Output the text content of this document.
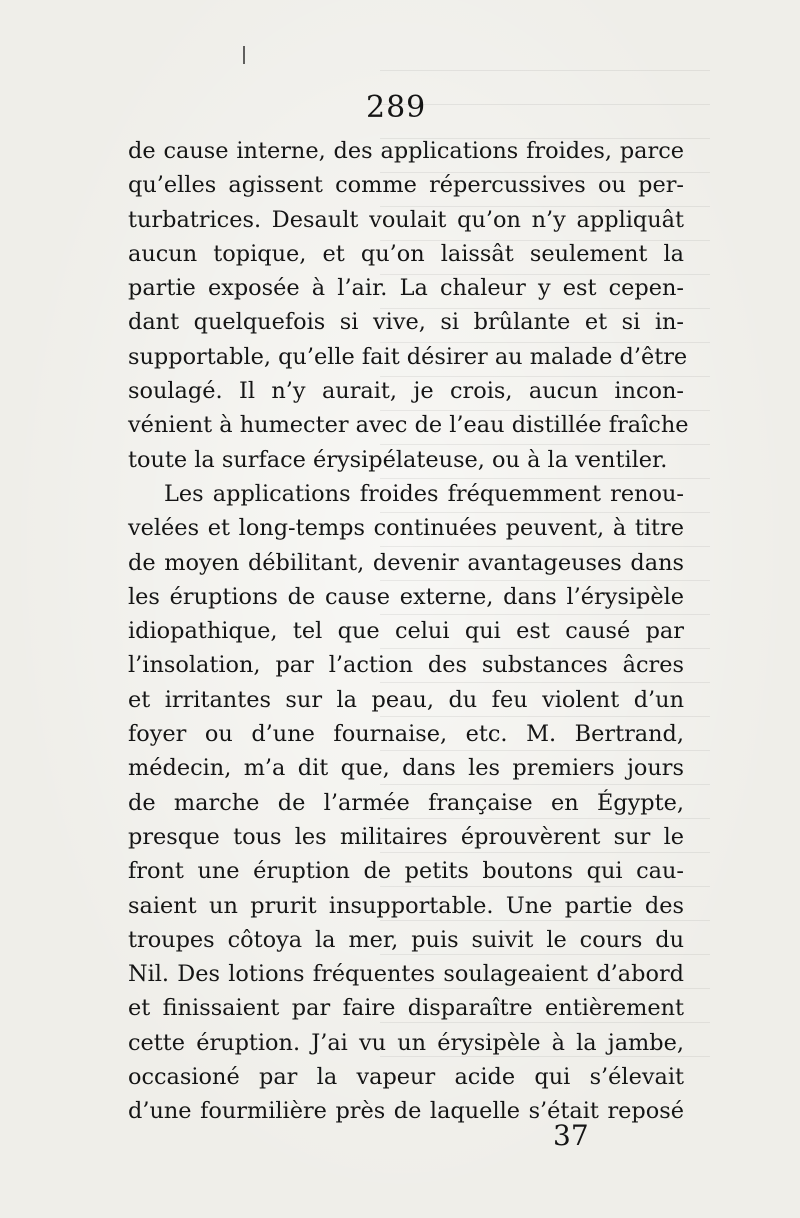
289
de cause interne, des applications froides, parce
qu’elles agissent comme répercussives ou per-
turbatrices. Desault voulait qu’on n’y appliquât
aucun topique, et qu’on laissât seulement la
partie exposée à l’air. La chaleur y est cepen-
dant quelquefois si vive, si brûlante et si in-
supportable, qu’elle fait désirer au malade d’être
soulagé. Il n’y aurait, je crois, aucun incon-
vénient à humecter avec de l’eau distillée fraîche
toute la surface érysipélateuse, ou à la ventiler.
Les applications froides fréquemment renou-
velées et long-temps continuées peuvent, à titre
de moyen débilitant, devenir avantageuses dans
les éruptions de cause externe, dans l’érysipèle
idiopathique, tel que celui qui est causé par
l’insolation, par l’action des substances âcres
et irritantes sur la peau, du feu violent d’un
foyer ou d’une fournaise, etc. M. Bertrand,
médecin, m’a dit que, dans les premiers jours
de marche de l’armée française en Égypte,
presque tous les militaires éprouvèrent sur le
front une éruption de petits boutons qui cau-
saient un prurit insupportable. Une partie des
troupes côtoya la mer, puis suivit le cours du
Nil. Des lotions fréquentes soulageaient d’abord
et finissaient par faire disparaître entièrement
cette éruption. J’ai vu un érysipèle à la jambe,
occasioné par la vapeur acide qui s’élevait
d’une fourmilière près de laquelle s’était reposé
37
